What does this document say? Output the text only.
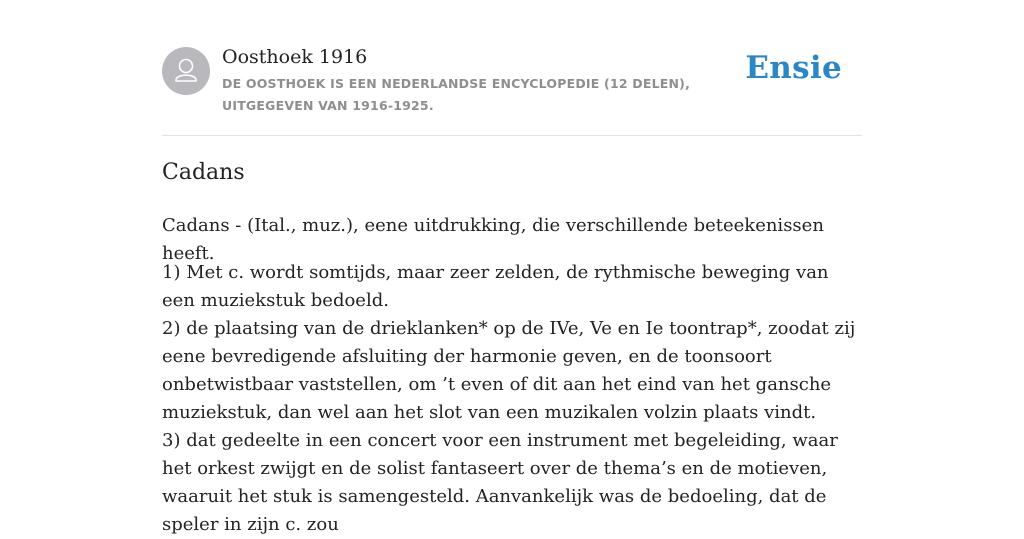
Oosthoek 1916
DE OOSTHOEK IS EEN NEDERLANDSE ENCYCLOPEDIE (12 DELEN), UITGEGEVEN VAN 1916-1925.
Ensie
Cadans

Cadans - (Ital., muz.), eene uitdrukking, die verschillende beteekenissen heeft.

1) Met c. wordt somtijds, maar zeer zelden, de rythmische beweging van een muziekstuk bedoeld.
2) de plaatsing van de drieklanken* op de IVe, Ve en Ie toontrap*, zoodat zij eene bevredigende afsluiting der harmonie geven, en de toonsoort onbetwistbaar vaststellen, om ’t even of dit aan het eind van het gansche muziekstuk, dan wel aan het slot van een muzikalen volzin plaats vindt.
3) dat gedeelte in een concert voor een instrument met begeleiding, waar het orkest zwijgt en de solist fantaseert over de thema’s en de motieven, waaruit het stuk is samengesteld. Aanvankelijk was de bedoeling, dat de speler in zijn c. zou
